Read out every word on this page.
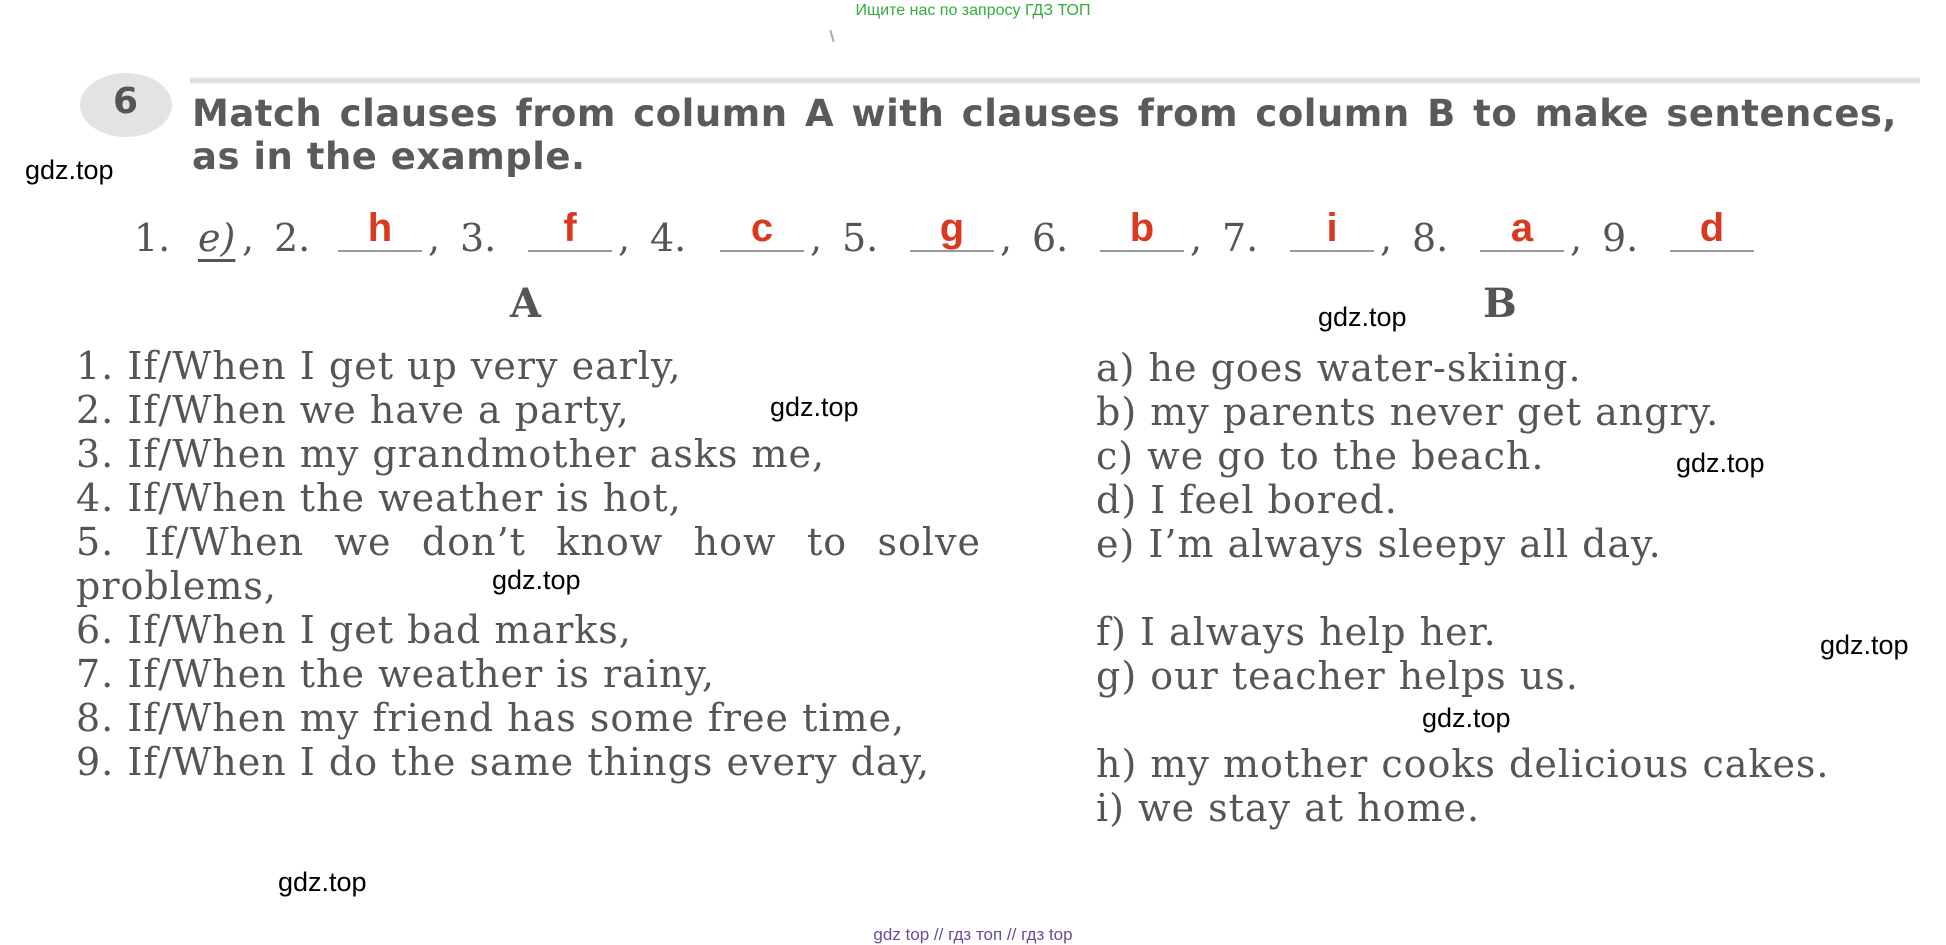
Ищите нас по запросу ГДЗ ТОП
6 Match clauses from column A with clauses from column B to make sentences, as in the example.
gdz.top
1. e) , 2.	h , 3.	f	, 4.	c , 5.	g , 6.	b , 7.	i	, 8.	a , 9.	d
A	B
gdz.top
1. If/When I get up very early,
2. If/When we have a party,
3. If/When my grandmother asks me,
4. If/When the weather is hot,
5. If/When we don’t know how to solve problems,
6. If/When I get bad marks,
7. If/When the weather is rainy,
8. If/When my friend has some free time,
9. If/When I do the same things every day,
a) he goes water-skiing.
b) my parents never get angry.
c) we go to the beach.
d) I feel bored.
e) I’m always sleepy all day.
f) I always help her.
g) our teacher helps us.
h) my mother cooks delicious cakes.
i) we stay at home.
gdz.top
gdz.top
gdz.top
gdz.top
gdz.top
gdz.top
gdz top // гдз топ // гдз top
